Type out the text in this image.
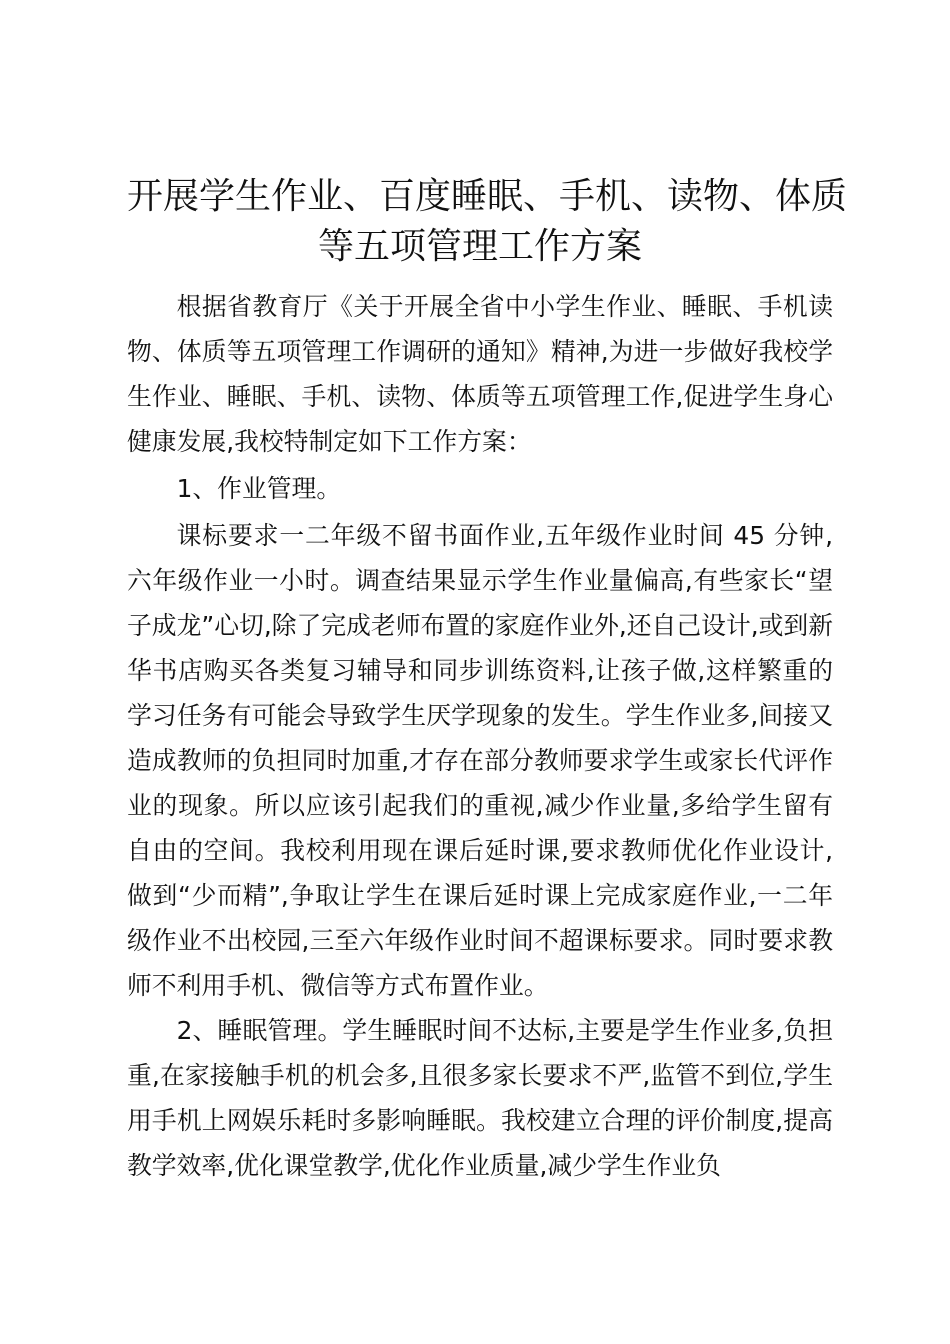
开展学生作业、百度睡眠、手机、读物、体质
等五项管理工作方案

根据省教育厅《关于开展全省中小学生作业、睡眠、手机读物、体质等五项管理工作调研的通知》精神,为进一步做好我校学生作业、睡眠、手机、读物、体质等五项管理工作,促进学生身心健康发展,我校特制定如下工作方案：

1、作业管理。

课标要求一二年级不留书面作业,五年级作业时间 45 分钟,六年级作业一小时。调查结果显示学生作业量偏高,有些家长“望子成龙”心切,除了完成老师布置的家庭作业外,还自己设计,或到新华书店购买各类复习辅导和同步训练资料,让孩子做,这样繁重的学习任务有可能会导致学生厌学现象的发生。学生作业多,间接又造成教师的负担同时加重,才存在部分教师要求学生或家长代评作业的现象。所以应该引起我们的重视,减少作业量,多给学生留有自由的空间。我校利用现在课后延时课,要求教师优化作业设计,做到“少而精”,争取让学生在课后延时课上完成家庭作业,一二年级作业不出校园,三至六年级作业时间不超课标要求。同时要求教师不利用手机、微信等方式布置作业。

2、睡眠管理。学生睡眠时间不达标,主要是学生作业多,负担重,在家接触手机的机会多,且很多家长要求不严,监管不到位,学生用手机上网娱乐耗时多影响睡眠。我校建立合理的评价制度,提高教学效率,优化课堂教学,优化作业质量,减少学生作业负
